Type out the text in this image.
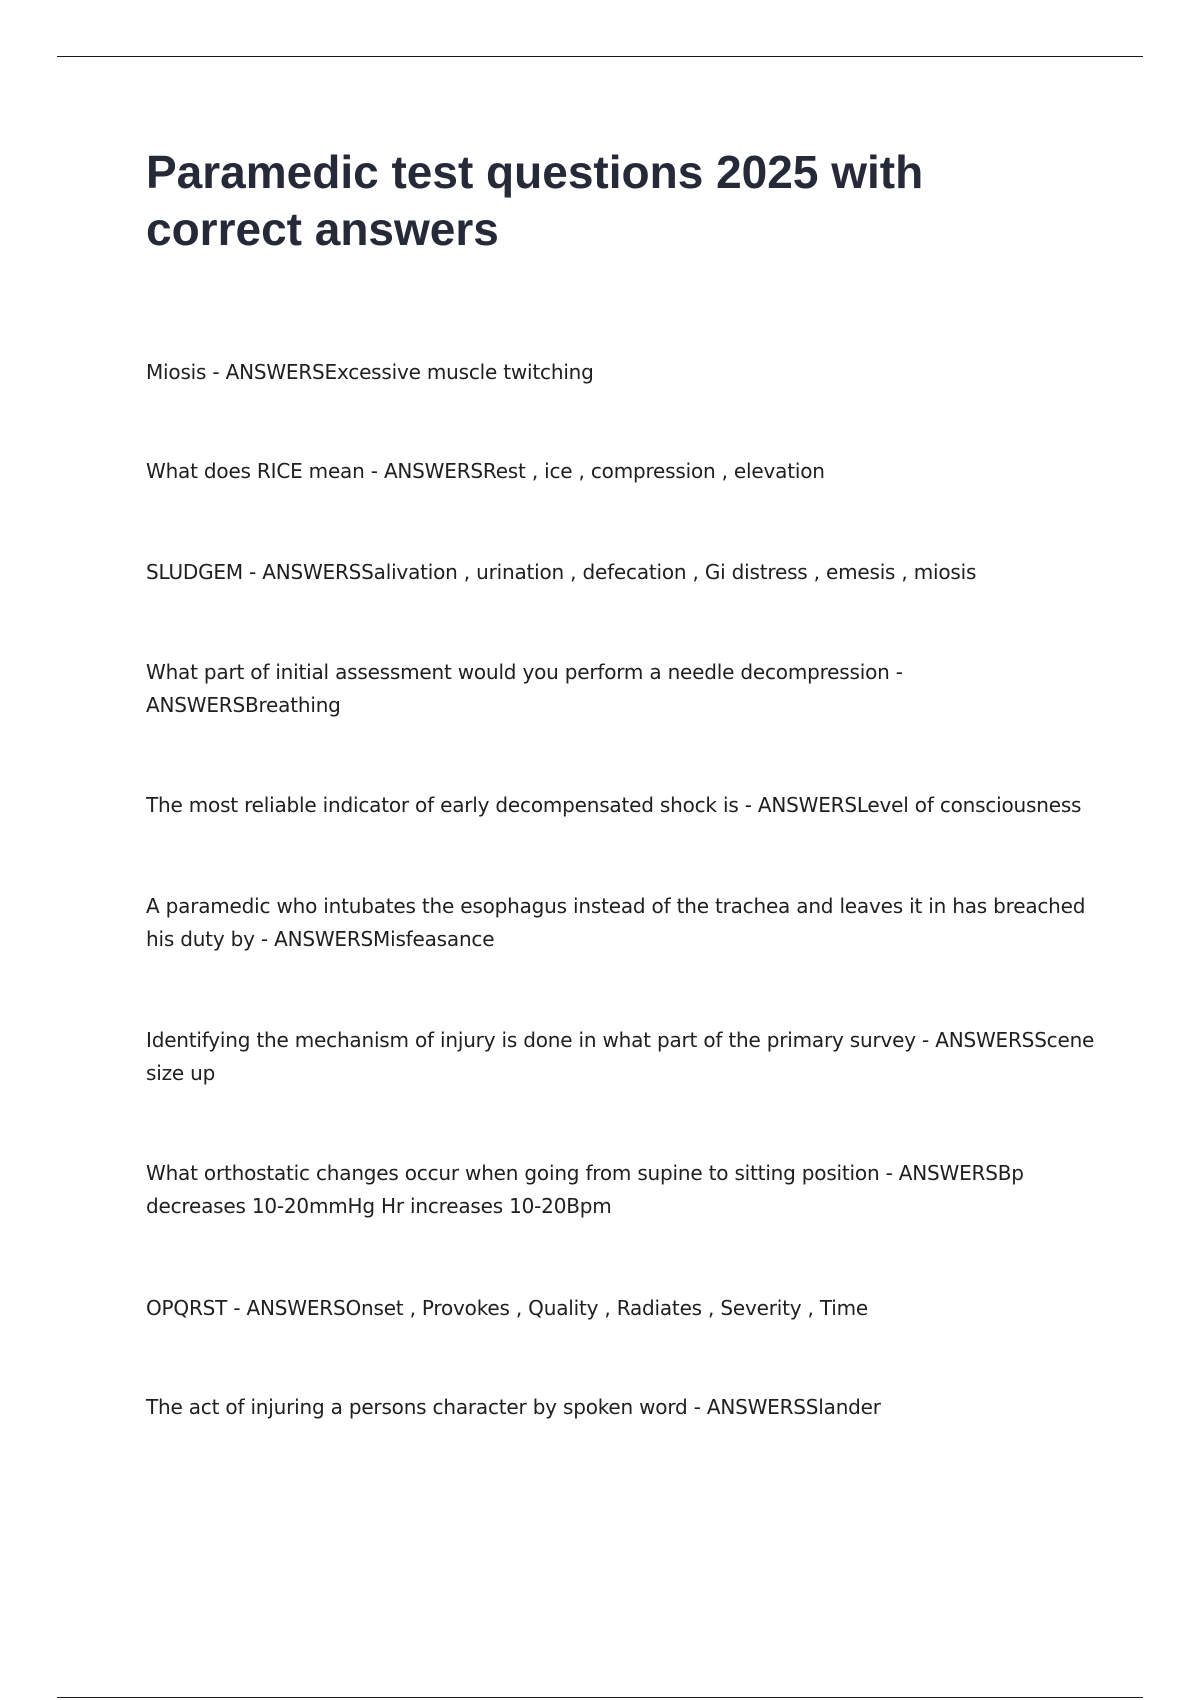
Paramedic test questions 2025 with correct answers

Miosis - ANSWERSExcessive muscle twitching

What does RICE mean - ANSWERSRest , ice , compression , elevation

SLUDGEM - ANSWERSSalivation , urination , defecation , Gi distress , emesis , miosis

What part of initial assessment would you perform a needle decompression- ANSWERSBreathing

The most reliable indicator of early decompensated shock is - ANSWERSLevel of consciousness

A paramedic who intubates the esophagus instead of the trachea and leaves it in has breached his duty by - ANSWERSMisfeasance

Identifying the mechanism of injury is done in what part of the primary survey- ANSWERSScene size up

What orthostatic changes occur when going from supine to sitting position - ANSWERSBp decreases 10-20mmHg Hr increases 10-20Bpm

OPQRST - ANSWERSOnset , Provokes , Quality , Radiates , Severity , Time

The act of injuring a persons character by spoken word - ANSWERSSlander
